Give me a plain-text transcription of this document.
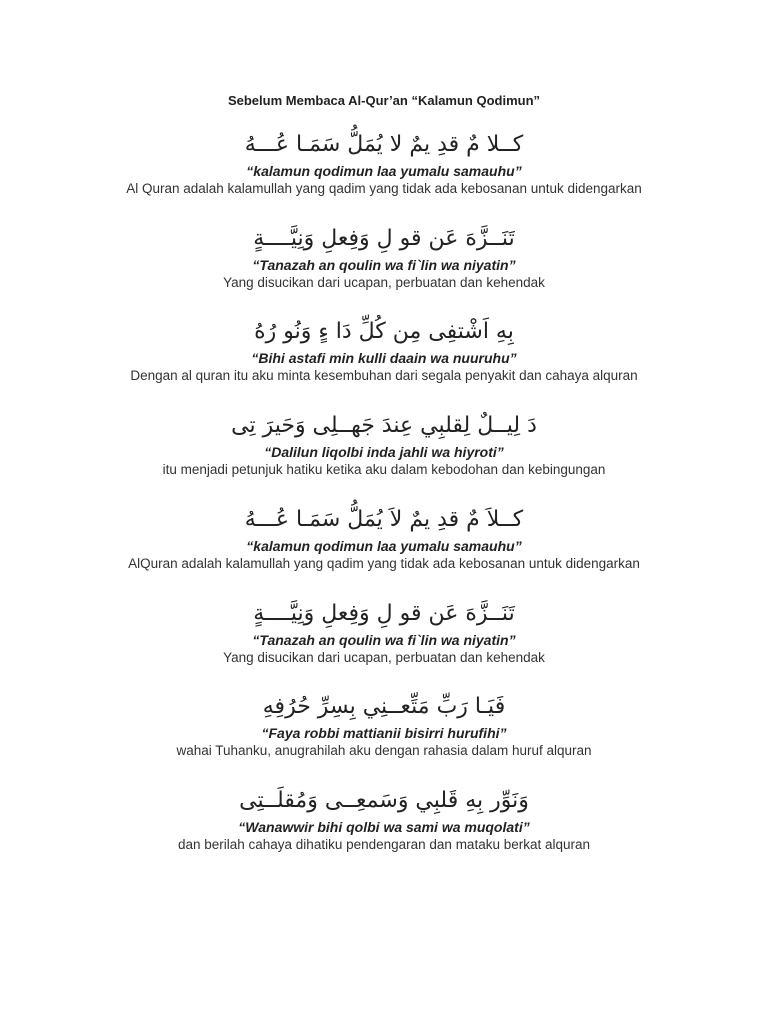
Sebelum Membaca Al-Qur’an “Kalamun Qodimun”
كــلا مٌ قدِ يمٌ لا يُمَلُّ سَمَـا عُـــهُ
“kalamun qodimun laa yumalu samauhu”
Al Quran adalah kalamullah yang qadim yang tidak ada kebosanan untuk didengarkan
تَنَــزَّهَ عَن قو لِ وَفِعلِ وَنِيَّــــةٍ
“Tanazah an qoulin wa fi`lin wa niyatin”
Yang disucikan dari ucapan, perbuatan dan kehendak
بِهِ اَشْتفِى مِن كُلِّ دَا ءٍ وَنُو رُهُ
“Bihi astafi min kulli daain wa nuuruhu”
Dengan al quran itu aku minta kesembuhan dari segala penyakit dan cahaya alquran
دَ لِيــلٌ لِقلبِي عِندَ جَهــلِى وَحَيرَ تِى
“Dalilun liqolbi inda jahli wa hiyroti”
itu menjadi petunjuk hatiku ketika aku dalam kebodohan dan kebingungan
كــلاَ مٌ قدِ يمٌ لاَ يُمَلُّ سَمَـا عُـــهُ
“kalamun qodimun laa yumalu samauhu”
AlQuran adalah kalamullah yang qadim yang tidak ada kebosanan untuk didengarkan
تَنَــزَّهَ عَن قو لِ وَفِعلِ وَنِيَّــــةٍ
“Tanazah an qoulin wa fi`lin wa niyatin”
Yang disucikan dari ucapan, perbuatan dan kehendak
فَيَـا رَبِّ مَتِّعــنِي بِسِرِّ حُرُفِهِ
“Faya robbi mattianii bisirri hurufihi”
wahai Tuhanku, anugrahilah aku dengan rahasia dalam huruf alquran
وَنَوِّر بِهِ قَلبِي وَسَمعِــى وَمُقلَــتِى
“Wanawwir bihi qolbi wa sami wa muqolati”
dan berilah cahaya dihatiku pendengaran dan mataku berkat alquran
